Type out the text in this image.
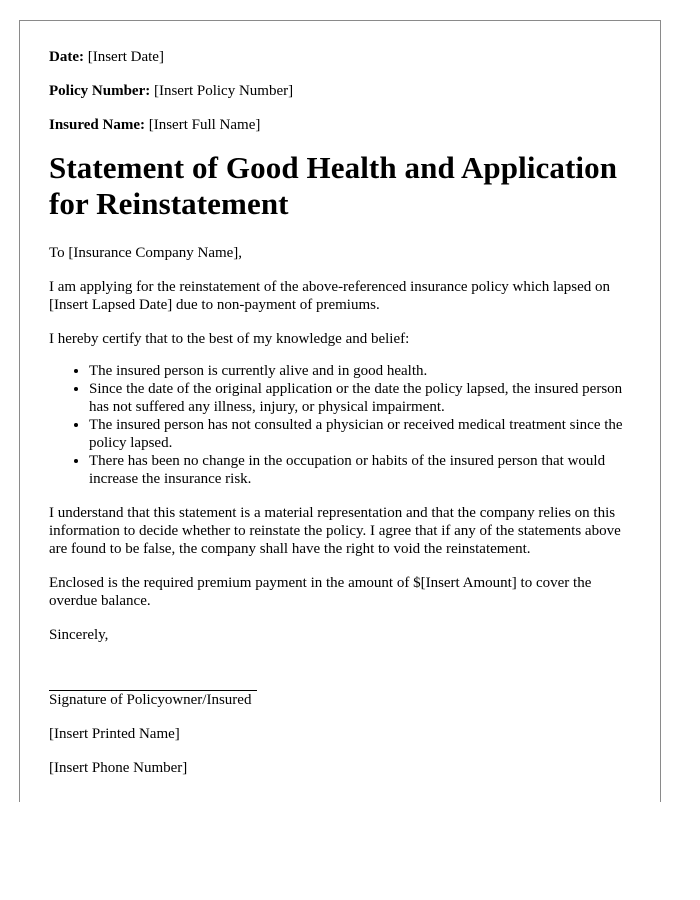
Date: [Insert Date]
Policy Number: [Insert Policy Number]
Insured Name: [Insert Full Name]
Statement of Good Health and Application for Reinstatement

To [Insurance Company Name],

I am applying for the reinstatement of the above-referenced insurance policy which lapsed on [Insert Lapsed Date] due to non-payment of premiums.

I hereby certify that to the best of my knowledge and belief:

• The insured person is currently alive and in good health.
• Since the date of the original application or the date the policy lapsed, the insured person has not suffered any illness, injury, or physical impairment.
• The insured person has not consulted a physician or received medical treatment since the policy lapsed.
• There has been no change in the occupation or habits of the insured person that would increase the insurance risk.

I understand that this statement is a material representation and that the company relies on this information to decide whether to reinstate the policy. I agree that if any of the statements above are found to be false, the company shall have the right to void the reinstatement.

Enclosed is the required premium payment in the amount of $[Insert Amount] to cover the overdue balance.

Sincerely,

Signature of Policyowner/Insured

[Insert Printed Name]

[Insert Phone Number]
